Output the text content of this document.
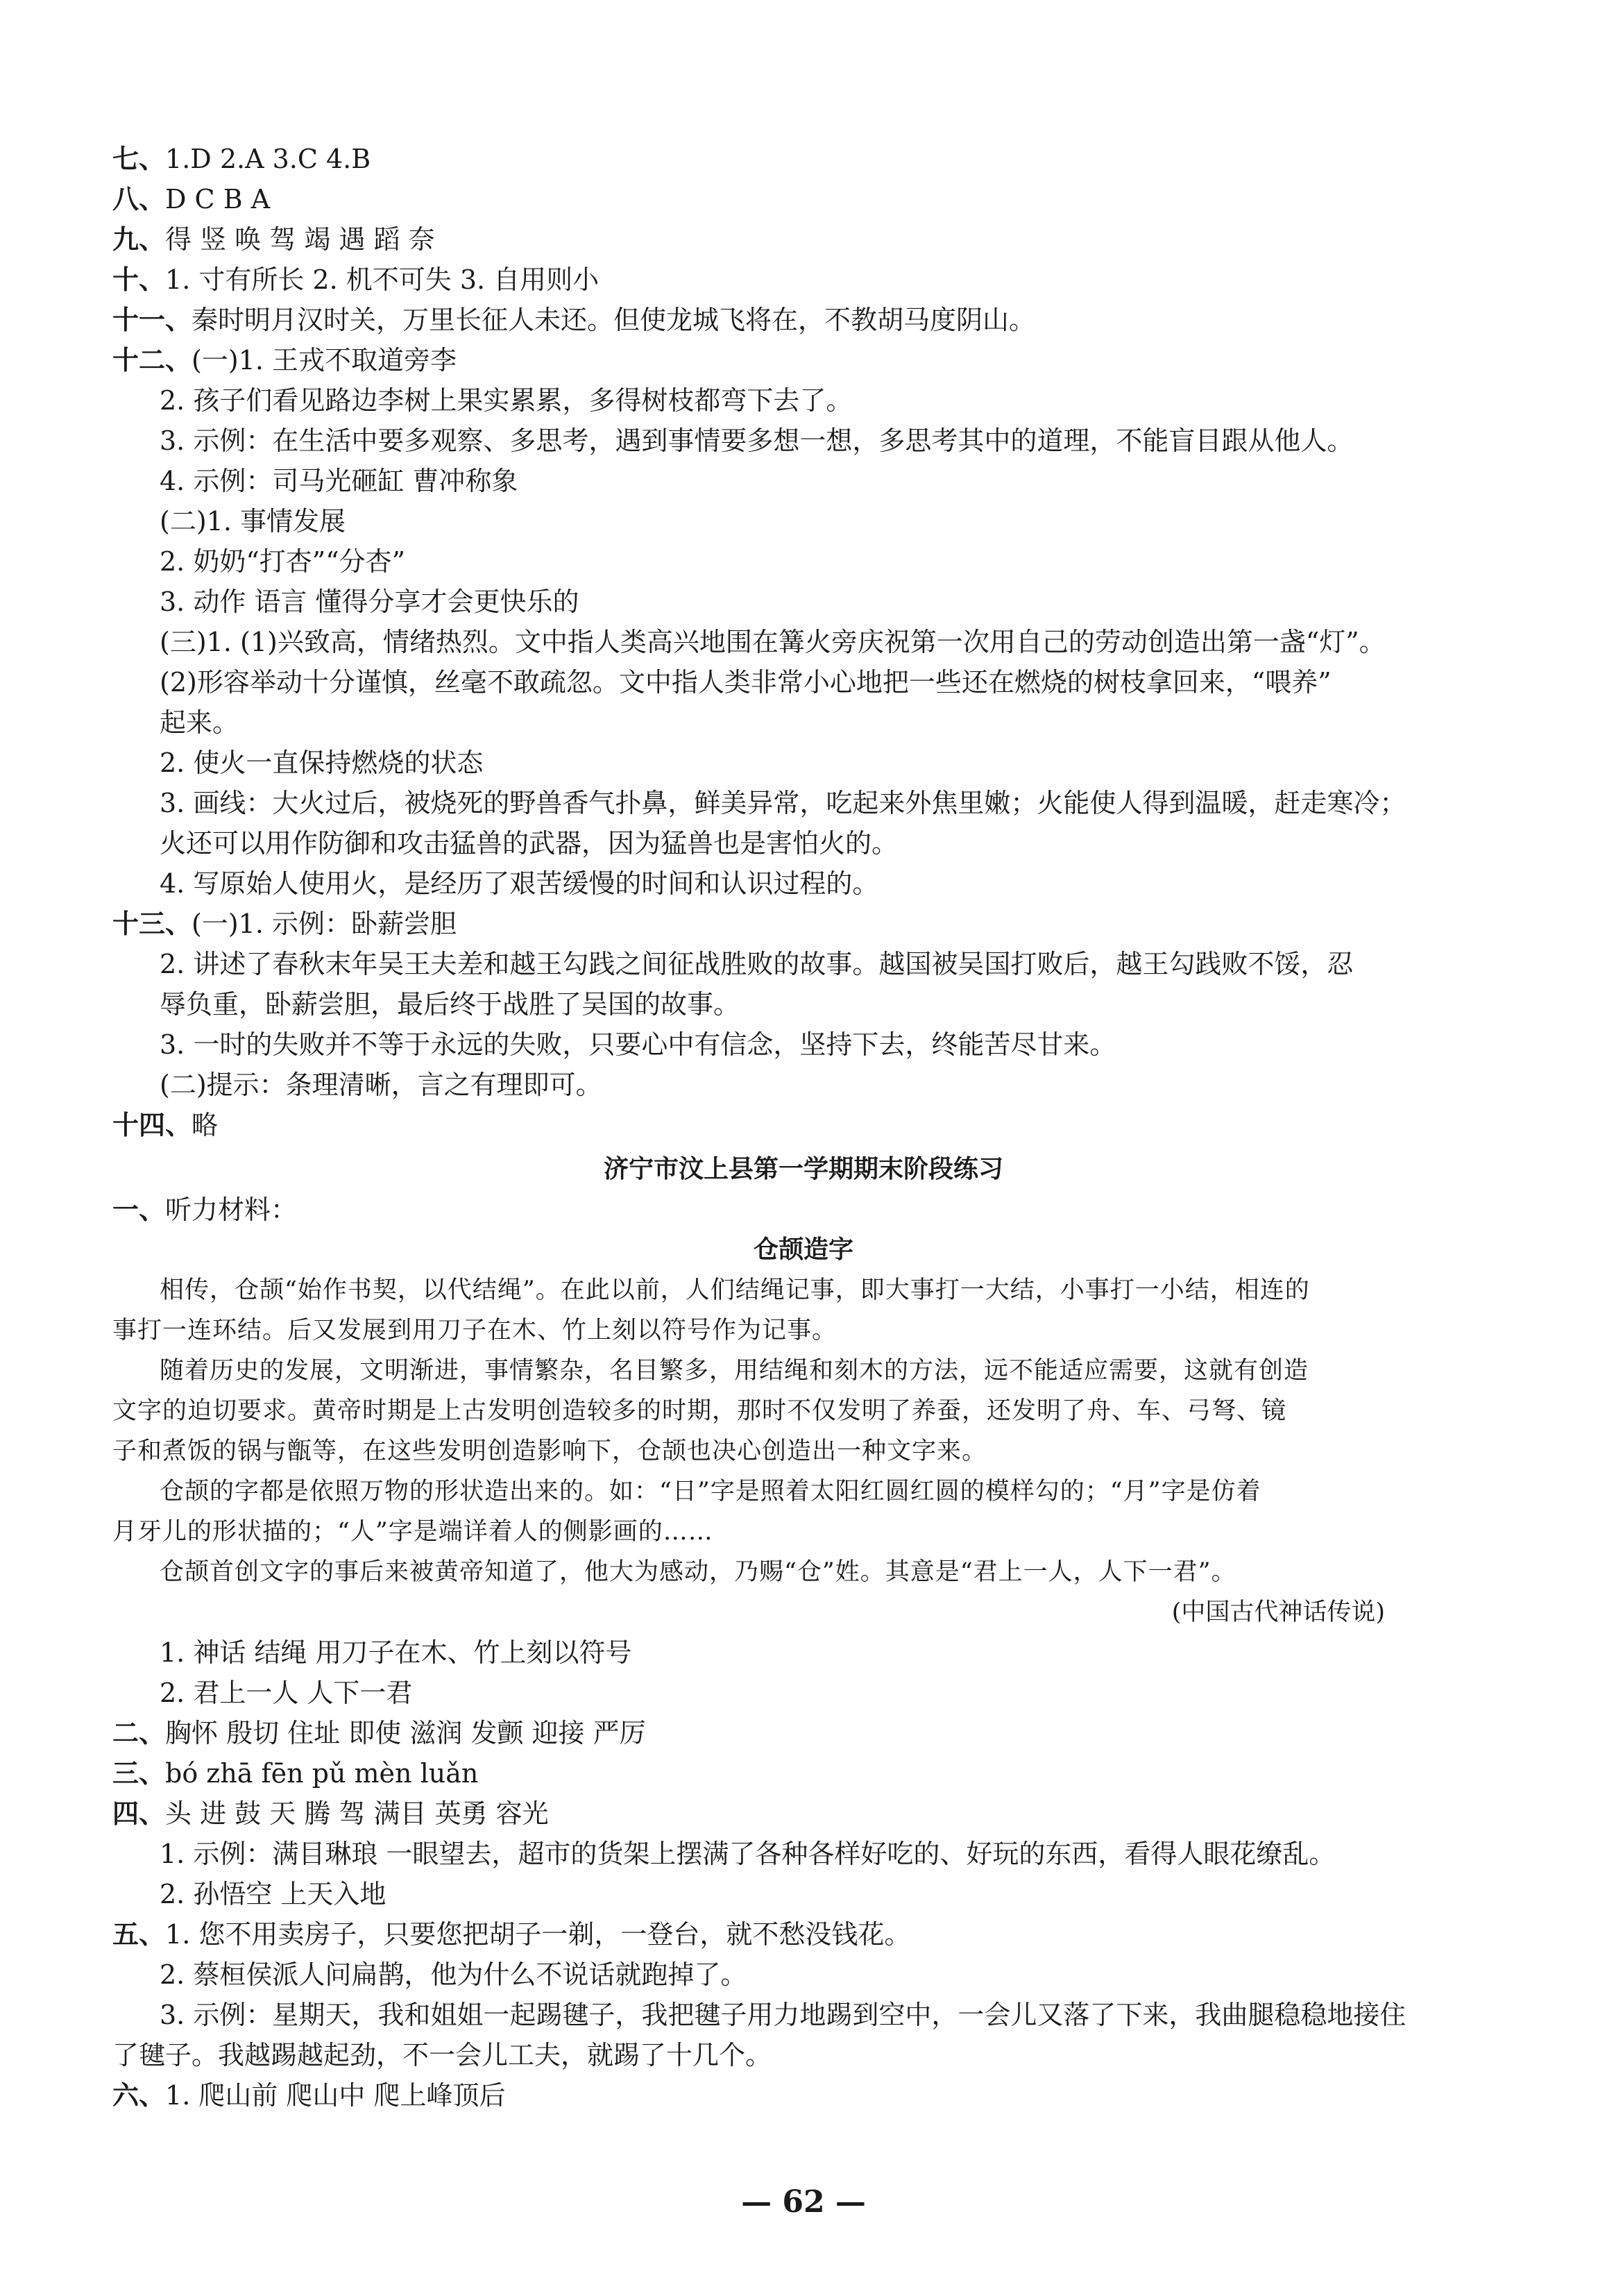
七、1.D 2.A 3.C 4.B
八、D C B A
九、得 竖 唤 驾 竭 遇 蹈 奈
十、1. 寸有所长 2. 机不可失 3. 自用则小
十一、秦时明月汉时关，万里长征人未还。但使龙城飞将在，不教胡马度阴山。
十二、(一)1. 王戎不取道旁李
2. 孩子们看见路边李树上果实累累，多得树枝都弯下去了。
3. 示例：在生活中要多观察、多思考，遇到事情要多想一想，多思考其中的道理，不能盲目跟从他人。
4. 示例：司马光砸缸 曹冲称象
(二)1. 事情发展
2. 奶奶“打杏”“分杏”
3. 动作 语言 懂得分享才会更快乐的
(三)1. (1)兴致高，情绪热烈。文中指人类高兴地围在篝火旁庆祝第一次用自己的劳动创造出第一盏“灯”。
(2)形容举动十分谨慎，丝毫不敢疏忽。文中指人类非常小心地把一些还在燃烧的树枝拿回来，“喂养”
起来。
2. 使火一直保持燃烧的状态
3. 画线：大火过后，被烧死的野兽香气扑鼻，鲜美异常，吃起来外焦里嫩；火能使人得到温暖，赶走寒冷；
火还可以用作防御和攻击猛兽的武器，因为猛兽也是害怕火的。
4. 写原始人使用火，是经历了艰苦缓慢的时间和认识过程的。
十三、(一)1. 示例：卧薪尝胆
2. 讲述了春秋末年吴王夫差和越王勾践之间征战胜败的故事。越国被吴国打败后，越王勾践败不馁，忍
辱负重，卧薪尝胆，最后终于战胜了吴国的故事。
3. 一时的失败并不等于永远的失败，只要心中有信念，坚持下去，终能苦尽甘来。
(二)提示：条理清晰，言之有理即可。
十四、略
济宁市汶上县第一学期期末阶段练习
一、听力材料：
仓颉造字
相传，仓颉“始作书契，以代结绳”。在此以前，人们结绳记事，即大事打一大结，小事打一小结，相连的
事打一连环结。后又发展到用刀子在木、竹上刻以符号作为记事。
随着历史的发展，文明渐进，事情繁杂，名目繁多，用结绳和刻木的方法，远不能适应需要，这就有创造
文字的迫切要求。黄帝时期是上古发明创造较多的时期，那时不仅发明了养蚕，还发明了舟、车、弓弩、镜
子和煮饭的锅与甑等，在这些发明创造影响下，仓颉也决心创造出一种文字来。
仓颉的字都是依照万物的形状造出来的。如：“日”字是照着太阳红圆红圆的模样勾的；“月”字是仿着
月牙儿的形状描的；“人”字是端详着人的侧影画的……
仓颉首创文字的事后来被黄帝知道了，他大为感动，乃赐“仓”姓。其意是“君上一人，人下一君”。
(中国古代神话传说)
1. 神话 结绳 用刀子在木、竹上刻以符号
2. 君上一人 人下一君
二、胸怀 殷切 住址 即使 滋润 发颤 迎接 严厉
三、bó zhā fēn pǔ mèn luǎn
四、头 进 鼓 天 腾 驾 满目 英勇 容光
1. 示例：满目琳琅 一眼望去，超市的货架上摆满了各种各样好吃的、好玩的东西，看得人眼花缭乱。
2. 孙悟空 上天入地
五、1. 您不用卖房子，只要您把胡子一剃，一登台，就不愁没钱花。
2. 蔡桓侯派人问扁鹊，他为什么不说话就跑掉了。
3. 示例：星期天，我和姐姐一起踢毽子，我把毽子用力地踢到空中，一会儿又落了下来，我曲腿稳稳地接住
了毽子。我越踢越起劲，不一会儿工夫，就踢了十几个。
六、1. 爬山前 爬山中 爬上峰顶后
— 62 —
